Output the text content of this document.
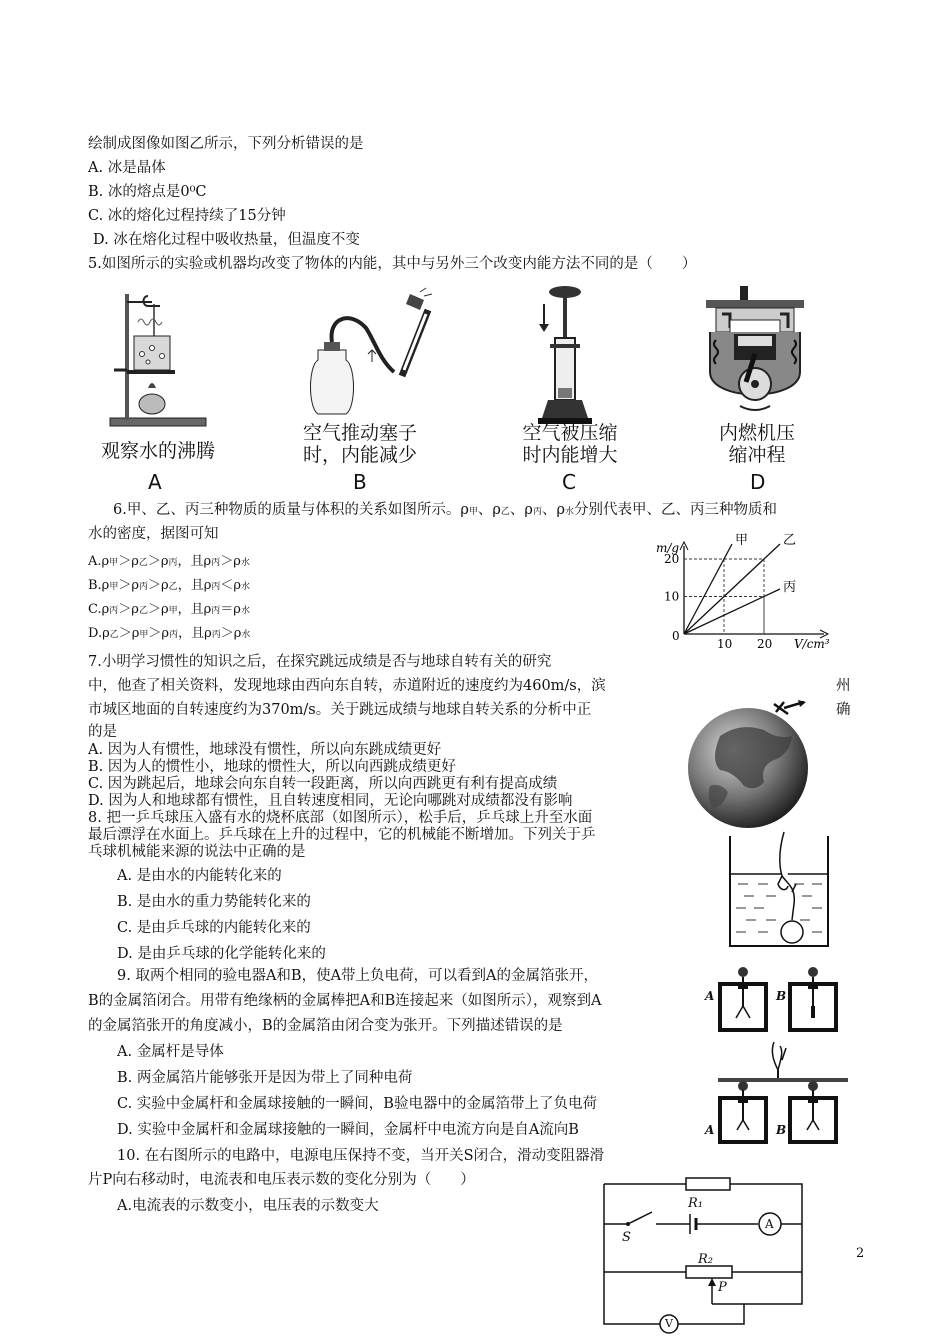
绘制成图像如图乙所示，下列分析错误的是
A. 冰是晶体
B. 冰的熔点是0⁰C
C. 冰的熔化过程持续了15分钟
D. 冰在熔化过程中吸收热量，但温度不变
5.如图所示的实验或机器均改变了物体的内能，其中与另外三个改变内能方法不同的是（　　）
观察水的沸腾
A
空气推动塞子
时，内能减少
B
空气被压缩
时内能增大
C
内燃机压
缩冲程
D
6.甲、乙、丙三种物质的质量与体积的关系如图所示。ρ甲、ρ乙、ρ丙、ρ水分别代表甲、乙、丙三种物质和
水的密度，据图可知
A.ρ甲＞ρ乙＞ρ丙，且ρ丙＞ρ水
B.ρ甲＞ρ丙＞ρ乙，且ρ丙＜ρ水
C.ρ丙＞ρ乙＞ρ甲，且ρ丙＝ρ水
D.ρ乙＞ρ甲＞ρ丙，且ρ丙＞ρ水
甲	乙
丙
10 20
10
20
0
m/g
V/cm³
7.小明学习惯性的知识之后，在探究跳远成绩是否与地球自转有关的研究
中，他查了相关资料，发现地球由西向东自转，赤道附近的速度约为460m/s，滨	州
市城区地面的自转速度约为370m/s。关于跳远成绩与地球自转关系的分析中正	确
的是
A. 因为人有惯性，地球没有惯性，所以向东跳成绩更好
B. 因为人的惯性小，地球的惯性大，所以向西跳成绩更好
C. 因为跳起后，地球会向东自转一段距离，所以向西跳更有利有提高成绩
D. 因为人和地球都有惯性，且自转速度相同，无论向哪跳对成绩都没有影响
8. 把一乒乓球压入盛有水的烧杯底部（如图所示），松手后，乒乓球上升至水面
最后漂浮在水面上。乒乓球在上升的过程中，它的机械能不断增加。下列关于乒
乓球机械能来源的说法中正确的是
A. 是由水的内能转化来的
B. 是由水的重力势能转化来的
C. 是由乒乓球的内能转化来的
D. 是由乒乓球的化学能转化来的
9. 取两个相同的验电器A和B，使A带上负电荷，可以看到A的金属箔张开，
B的金属箔闭合。用带有绝缘柄的金属棒把A和B连接起来（如图所示），观察到A
的金属箔张开的角度减小，B的金属箔由闭合变为张开。下列描述错误的是
A. 金属杆是导体
B. 两金属箔片能够张开是因为带上了同种电荷
C. 实验中金属杆和金属球接触的一瞬间，B验电器中的金属箔带上了负电荷
D. 实验中金属杆和金属球接触的一瞬间，金属杆中电流方向是自A流向B
A	B
A	B
10. 在右图所示的电路中，电源电压保持不变，当开关S闭合，滑动变阻器滑
片P向右移动时，电流表和电压表示数的变化分别为（　　）
A.电流表的示数变小，电压表的示数变大	R₁
S
R₂
P
A
V
2
